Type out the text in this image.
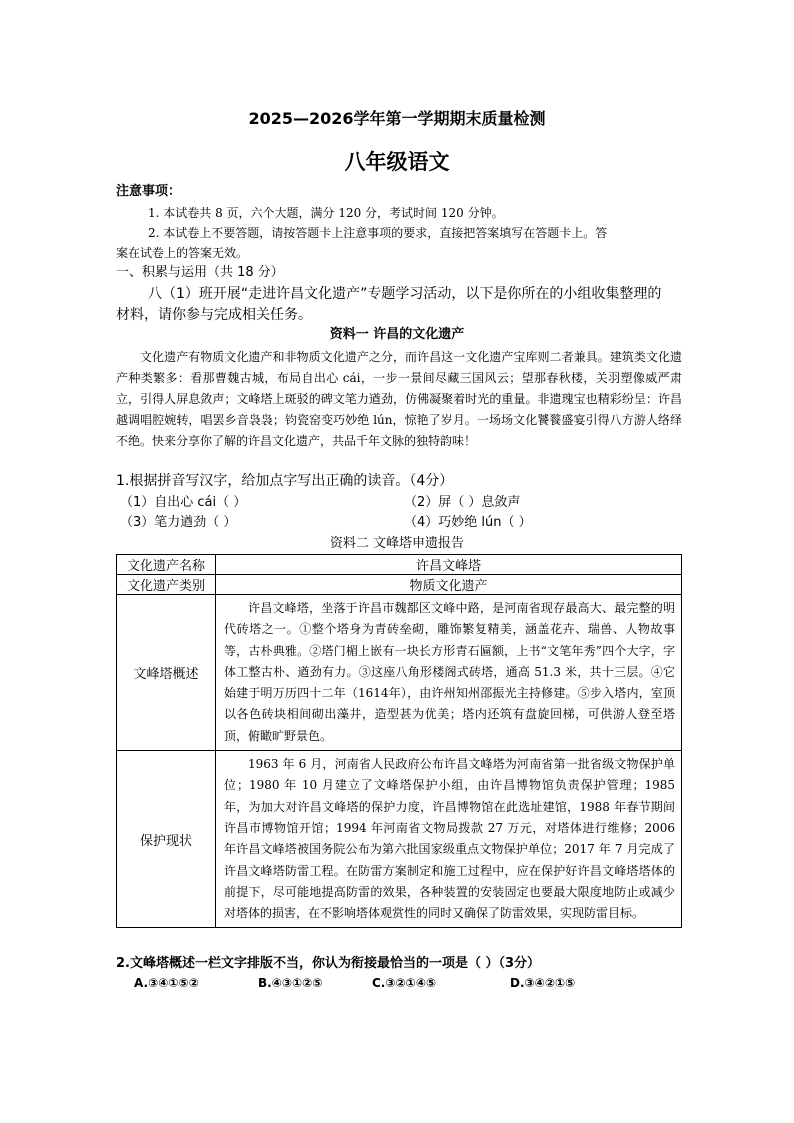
2025—2026学年第一学期期末质量检测
八年级语文
注意事项：
1. 本试卷共 8 页，六个大题，满分 120 分，考试时间 120 分钟。
2. 本试卷上不要答题，请按答题卡上注意事项的要求，直接把答案填写在答题卡上。答
案在试卷上的答案无效。
一、积累与运用（共 18 分）
八（1）班开展“走进许昌文化遗产”专题学习活动，以下是你所在的小组收集整理的
材料，请你参与完成相关任务。
资料一 许昌的文化遗产
文化遗产有物质文化遗产和非物质文化遗产之分，而许昌这一文化遗产宝库则二者兼具。建筑类文化遗产种类繁多：看那曹魏古城，布局自出心 cái，一步一景间尽藏三国风云；望那春秋楼，关羽塑像威严肃立，引得人屏息敛声；文峰塔上斑驳的碑文笔力遒劲，仿佛凝聚着时光的重量。非遗瑰宝也精彩纷呈：许昌越调唱腔婉转，唱罢乡音袅袅；钧瓷窑变巧妙绝 lún，惊艳了岁月。一场场文化饕餮盛宴引得八方游人络绎不绝。快来分享你了解的许昌文化遗产，共品千年文脉的独特韵味！
1.根据拼音写汉字，给加点字写出正确的读音。（4分）
（1）自出心 cái（ ）	（2）屏（ ）息敛声
（3）笔力遒劲（ ）	（4）巧妙绝 lún（ ）
资料二 文峰塔申遗报告
文化遗产名称	许昌文峰塔
文化遗产类别	物质文化遗产
文峰塔概述	许昌文峰塔，坐落于许昌市魏都区文峰中路，是河南省现存最高大、最完整的明代砖塔之一。①整个塔身为青砖垒砌，雕饰繁复精美，涵盖花卉、瑞兽、人物故事等，古朴典雅。②塔门楣上嵌有一块长方形青石匾额，上书“文笔年秀”四个大字，字体工整古朴、遒劲有力。③这座八角形楼阁式砖塔，通高 51.3 米，共十三层。④它始建于明万历四十二年（1614年），由许州知州邵振光主持修建。⑤步入塔内，室顶以各色砖块相间砌出藻井，造型甚为优美；塔内还筑有盘旋回梯，可供游人登至塔顶，俯瞰旷野景色。
保护现状	1963 年 6 月，河南省人民政府公布许昌文峰塔为河南省第一批省级文物保护单位；1980 年 10 月建立了文峰塔保护小组，由许昌博物馆负责保护管理；1985 年，为加大对许昌文峰塔的保护力度，许昌博物馆在此选址建馆，1988 年春节期间许昌市博物馆开馆；1994 年河南省文物局拨款 27 万元，对塔体进行维修；2006 年许昌文峰塔被国务院公布为第六批国家级重点文物保护单位；2017 年 7 月完成了许昌文峰塔防雷工程。在防雷方案制定和施工过程中，应在保护好许昌文峰塔塔体的前提下，尽可能地提高防雷的效果，各种装置的安装固定也要最大限度地防止或减少对塔体的损害，在不影响塔体观赏性的同时又确保了防雷效果，实现防雷目标。
2.文峰塔概述一栏文字排版不当，你认为衔接最恰当的一项是（ ）（3分）
A.③④①⑤②	B.④③①②⑤	C.③②①④⑤	D.③④②①⑤
